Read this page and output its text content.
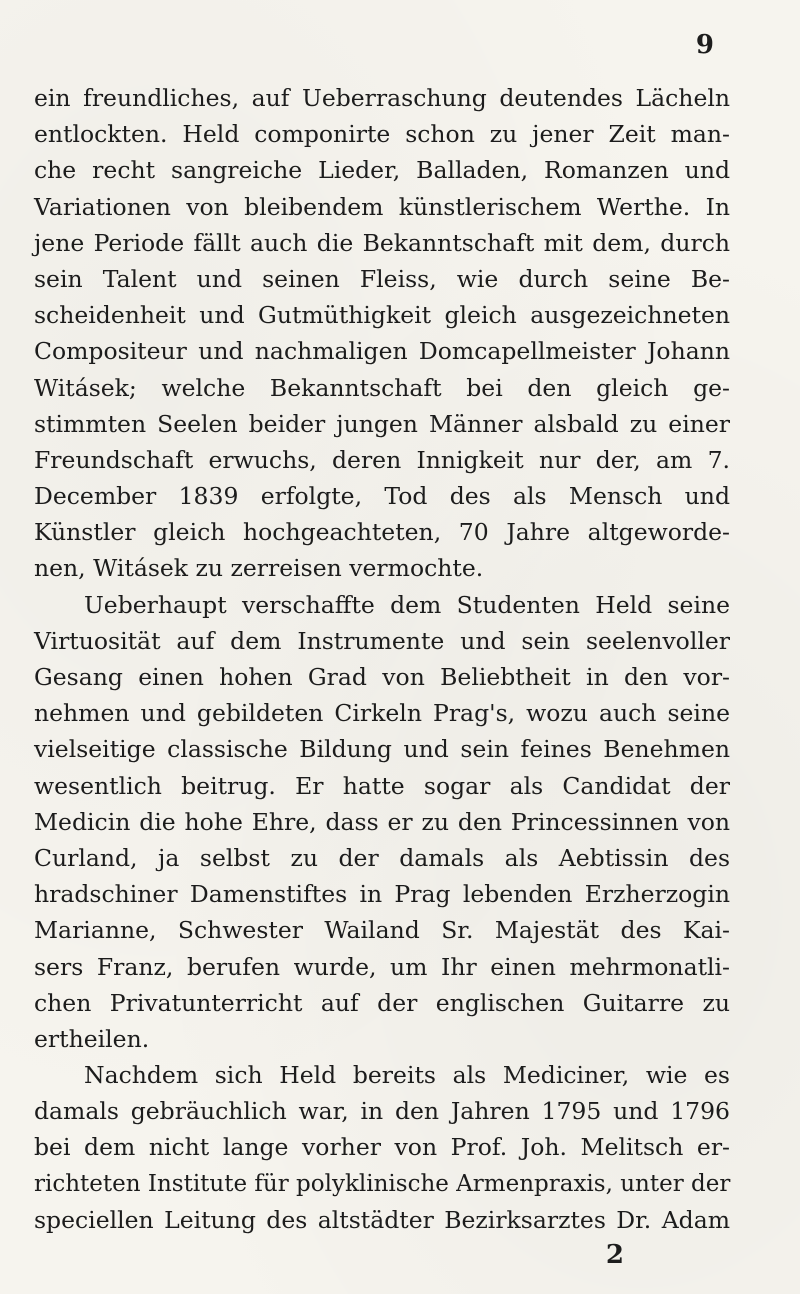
9
ein freundliches, auf Ueberraschung deutendes Lächeln
entlockten. Held componirte schon zu jener Zeit man-
che recht sangreiche Lieder, Balladen, Romanzen und
Variationen von bleibendem künstlerischem Werthe. In
jene Periode fällt auch die Bekanntschaft mit dem, durch
sein Talent und seinen Fleiss, wie durch seine Be-
scheidenheit und Gutmüthigkeit gleich ausgezeichneten
Compositeur und nachmaligen Domcapellmeister Johann
Witásek; welche Bekanntschaft bei den gleich ge-
stimmten Seelen beider jungen Männer alsbald zu einer
Freundschaft erwuchs, deren Innigkeit nur der, am 7.
December 1839 erfolgte, Tod des als Mensch und
Künstler gleich hochgeachteten, 70 Jahre altgeworde-
nen, Witásek zu zerreisen vermochte.
Ueberhaupt verschaffte dem Studenten Held seine
Virtuosität auf dem Instrumente und sein seelenvoller
Gesang einen hohen Grad von Beliebtheit in den vor-
nehmen und gebildeten Cirkeln Prag's, wozu auch seine
vielseitige classische Bildung und sein feines Benehmen
wesentlich beitrug. Er hatte sogar als Candidat der
Medicin die hohe Ehre, dass er zu den Princessinnen von
Curland, ja selbst zu der damals als Aebtissin des
hradschiner Damenstiftes in Prag lebenden Erzherzogin
Marianne, Schwester Wailand Sr. Majestät des Kai-
sers Franz, berufen wurde, um Ihr einen mehrmonatli-
chen Privatunterricht auf der englischen Guitarre zu
ertheilen.
Nachdem sich Held bereits als Mediciner, wie es
damals gebräuchlich war, in den Jahren 1795 und 1796
bei dem nicht lange vorher von Prof. Joh. Melitsch er-
richteten Institute für polyklinische Armenpraxis, unter der
speciellen Leitung des altstädter Bezirksarztes Dr. Adam
2
